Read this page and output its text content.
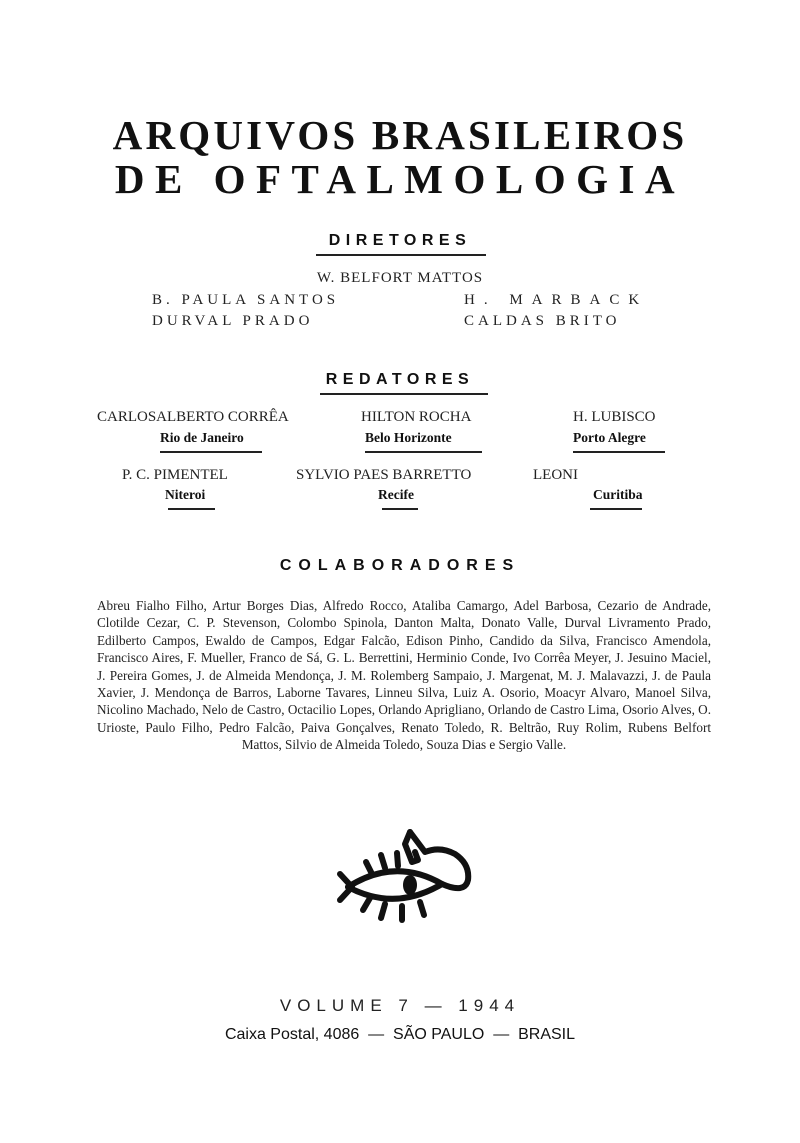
ARQUIVOS BRASILEIROS
DE OFTALMOLOGIA
DIRETORES
W. BELFORT MATTOS
B. PAULA SANTOS
DURVAL PRADO
H. MARBACK
CALDAS BRITO
REDATORES
CARLOSALBERTO CORRÊA
Rio de Janeiro
HILTON ROCHA
Belo Horizonte
H. LUBISCO
Porto Alegre
P. C. PIMENTEL
Niteroi
SYLVIO PAES BARRETTO
Recife
LEONI
Curitiba
COLABORADORES
Abreu Fialho Filho, Artur Borges Dias, Alfredo Rocco, Ataliba Camargo, Adel Barbosa, Cezario de Andrade, Clotilde Cezar, C. P. Stevenson, Colombo Spinola, Danton Malta, Donato Valle, Durval Livramento Prado, Edilberto Campos, Ewaldo de Campos, Edgar Falcão, Edison Pinho, Candido da Silva, Francisco Amendola, Francisco Aires, F. Mueller, Franco de Sá, G. L. Berrettini, Herminio Conde, Ivo Corrêa Meyer, J. Jesuino Maciel, J. Pereira Gomes, J. de Almeida Mendonça, J. M. Rolemberg Sampaio, J. Margenat, M. J. Malavazzi, J. de Paula Xavier, J. Mendonça de Barros, Laborne Tavares, Linneu Silva, Luiz A. Osorio, Moacyr Alvaro, Manoel Silva, Nicolino Machado, Nelo de Castro, Octacilio Lopes, Orlando Aprigliano, Orlando de Castro Lima, Osorio Alves, O. Urioste, Paulo Filho, Pedro Falcão, Paiva Gonçalves, Renato Toledo, R. Beltrão, Ruy Rolim, Rubens Belfort Mattos, Silvio de Almeida Toledo, Souza Dias e Sergio Valle.
VOLUME 7 — 1944
Caixa Postal, 4086  —  SÃO PAULO  —  BRASIL
